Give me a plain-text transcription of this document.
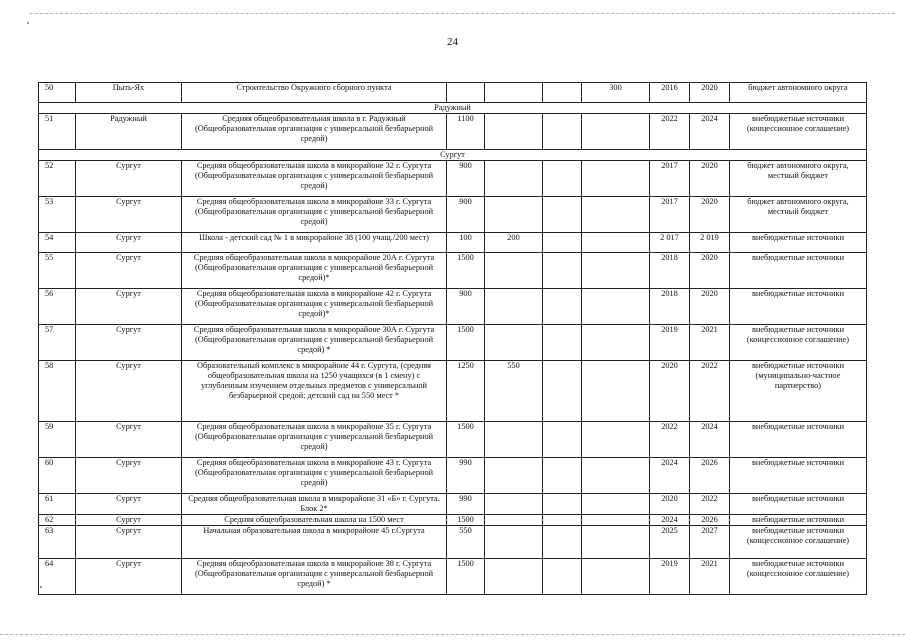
24
50	Пыть-Ях	Строительство Окружного сборного пункта				300	2016	2020	бюджет автономного округа
Радужный									
51	Радужный	Средняя общеобразовательная школа в г. Радужный (Общеобразовательная организация с универсальной безбарьерной средой)	1100				2022	2024	внебюджетные источники (концессионное соглашение)
Сургут									
52	Сургут	Средняя общеобразовательная школа в микрорайоне 32 г. Сургута (Общеобразовательная организация с универсальной безбарьерной средой)	900				2017	2020	бюджет автономного округа, местный бюджет
53	Сургут	Средняя общеобразовательная школа в микрорайоне 33 г. Сургута (Общеобразовательная организация с универсальной безбарьерной средой)	900				2017	2020	бюджет автономного округа, местный бюджет
54	Сургут	Школа - детский сад № 1 в микрорайоне 38 (100 учащ./200 мест)	100	200			2 017	2 019	внебюджетные источники
55	Сургут	Средняя общеобразовательная школа в микрорайоне 20А г. Сургута (Общеобразовательная организация с универсальной безбарьерной средой)*	1500				2018	2020	внебюджетные источники
56	Сургут	Средняя общеобразовательная школа в микрорайоне 42 г. Сургута (Общеобразовательная организация с универсальной безбарьерной средой)*	900				2018	2020	внебюджетные источники
57	Сургут	Средняя общеобразовательная школа в микрорайоне 30А г. Сургута (Общеобразовательная организация с универсальной безбарьерной средой) *	1500				2019	2021	внебюджетные источники (концессионное соглашение)
58	Сургут	Образовательный комплекс в микрорайоне 44 г. Сургута, (средняя общеобразовательная школа на 1250 учащихся (в 1 смену) с углубленным изучением отдельных предметов с универсальной безбарьерной средой; детский сад на 550 мест *	1250	550			2020	2022	внебюджетные источники (муниципально-частное партнерство)
59	Сургут	Средняя общеобразовательная школа в микрорайоне 35 г. Сургута (Общеобразовательная организация с универсальной безбарьерной средой)	1500				2022	2024	внебюджетные источники
60	Сургут	Средняя общеобразовательная школа в микрорайоне 43 г. Сургута (Общеобразовательная организация с универсальной безбарьерной средой)	990				2024	2026	внебюджетные источники
61	Сургут	Средняя общеобразовательная школа в микрорайоне 31 «Б» г. Сургута. Блок 2*	990				2020	2022	внебюджетные источники
62	Сургут	Средняя общеобразовательная школа на 1500 мест	1500				2024	2026	внебюджетные источники
63	Сургут	Начальная образовательная школа в микрорайоне 45 г.Сургута	550				2025	2027	внебюджетные источники (концессионное соглашение)
64	Сургут	Средняя общеобразовательная школа в микрорайоне 38 г. Сургута (Общеобразовательная организация с универсальной безбарьерной средой) *	1500				2019	2021	внебюджетные источники (концессионное соглашение)
